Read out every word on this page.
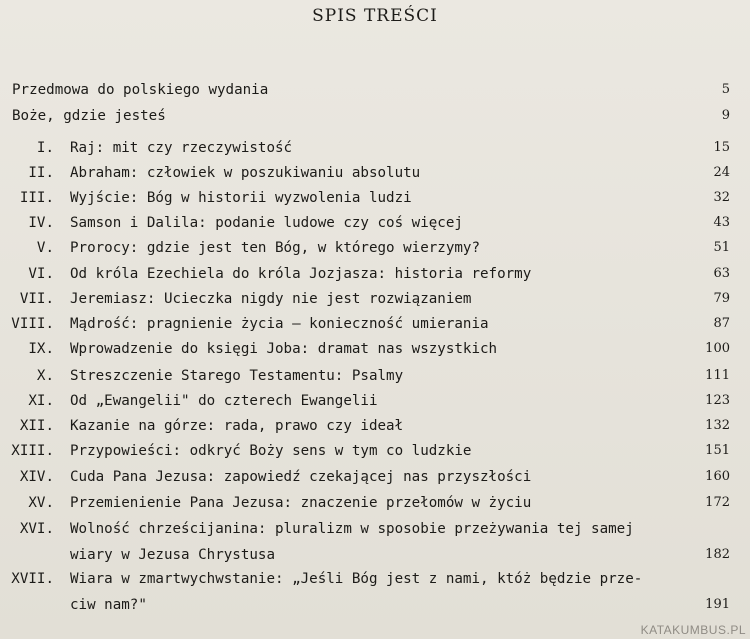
SPIS TREŚCI
Przedmowa do polskiego wydania	5
Boże, gdzie jesteś	9
I. Raj: mit czy rzeczywistość	15
II. Abraham: człowiek w poszukiwaniu absolutu	24
III. Wyjście: Bóg w historii wyzwolenia ludzi	32
IV. Samson i Dalila: podanie ludowe czy coś więcej	43
V. Prorocy: gdzie jest ten Bóg, w którego wierzymy?	51
VI. Od króla Ezechiela do króla Jozjasza: historia reformy	63
VII. Jeremiasz: Ucieczka nigdy nie jest rozwiązaniem	79
VIII. Mądrość: pragnienie życia — konieczność umierania	87
IX. Wprowadzenie do księgi Joba: dramat nas wszystkich	100
X. Streszczenie Starego Testamentu: Psalmy	111
XI. Od „Ewangelii" do czterech Ewangelii	123
XII. Kazanie na górze: rada, prawo czy ideał	132
XIII. Przypowieści: odkryć Boży sens w tym co ludzkie	151
XIV. Cuda Pana Jezusa: zapowiedź czekającej nas przyszłości	160
XV. Przemienienie Pana Jezusa: znaczenie przełomów w życiu	172
XVI. Wolność chrześcijanina: pluralizm w sposobie przeżywania tej samej
wiary w Jezusa Chrystusa	182
XVII. Wiara w zmartwychwstanie: „Jeśli Bóg jest z nami, któż będzie prze-
ciw nam?"	191
KATAKUMBUS.PL
